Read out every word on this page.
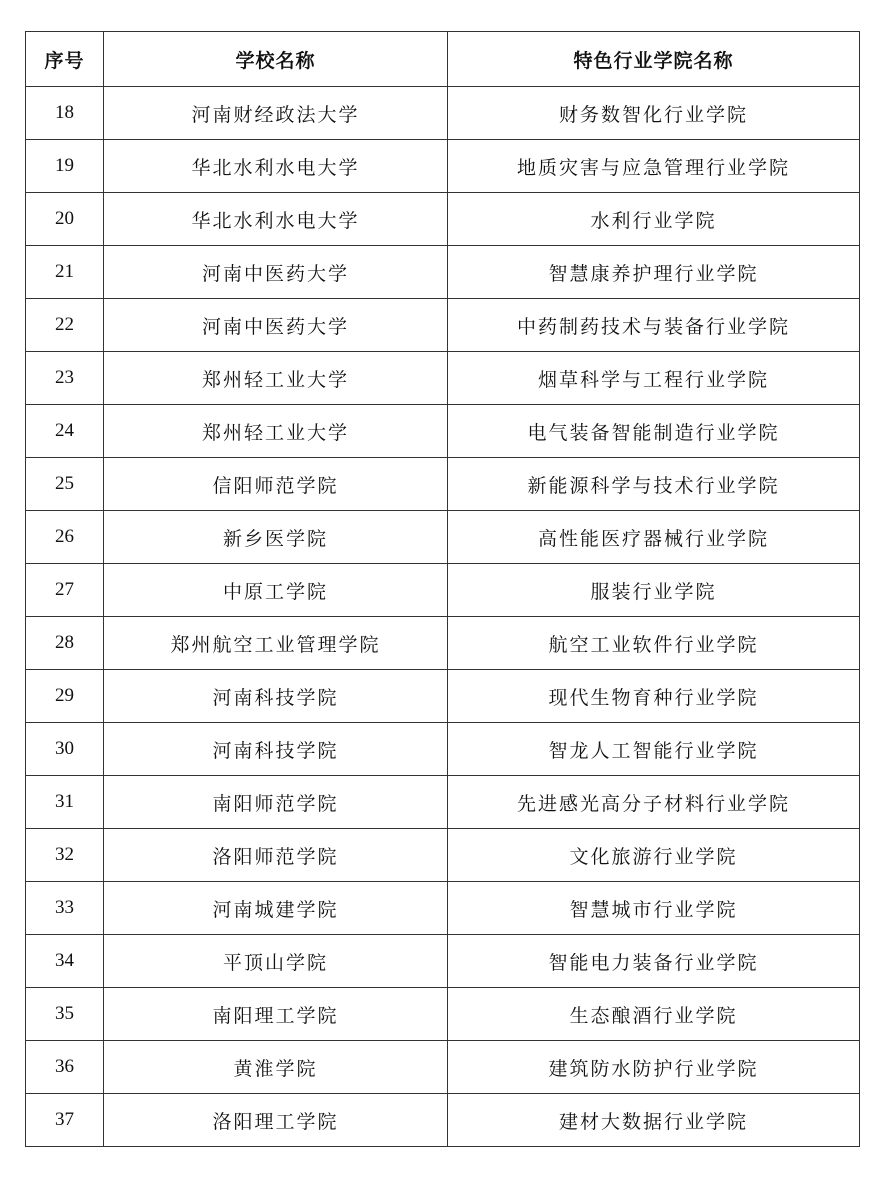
序号	学校名称	特色行业学院名称
18	河南财经政法大学	财务数智化行业学院
19	华北水利水电大学	地质灾害与应急管理行业学院
20	华北水利水电大学	水利行业学院
21	河南中医药大学	智慧康养护理行业学院
22	河南中医药大学	中药制药技术与装备行业学院
23	郑州轻工业大学	烟草科学与工程行业学院
24	郑州轻工业大学	电气装备智能制造行业学院
25	信阳师范学院	新能源科学与技术行业学院
26	新乡医学院	高性能医疗器械行业学院
27	中原工学院	服装行业学院
28	郑州航空工业管理学院	航空工业软件行业学院
29	河南科技学院	现代生物育种行业学院
30	河南科技学院	智龙人工智能行业学院
31	南阳师范学院	先进感光高分子材料行业学院
32	洛阳师范学院	文化旅游行业学院
33	河南城建学院	智慧城市行业学院
34	平顶山学院	智能电力装备行业学院
35	南阳理工学院	生态酿酒行业学院
36	黄淮学院	建筑防水防护行业学院
37	洛阳理工学院	建材大数据行业学院
